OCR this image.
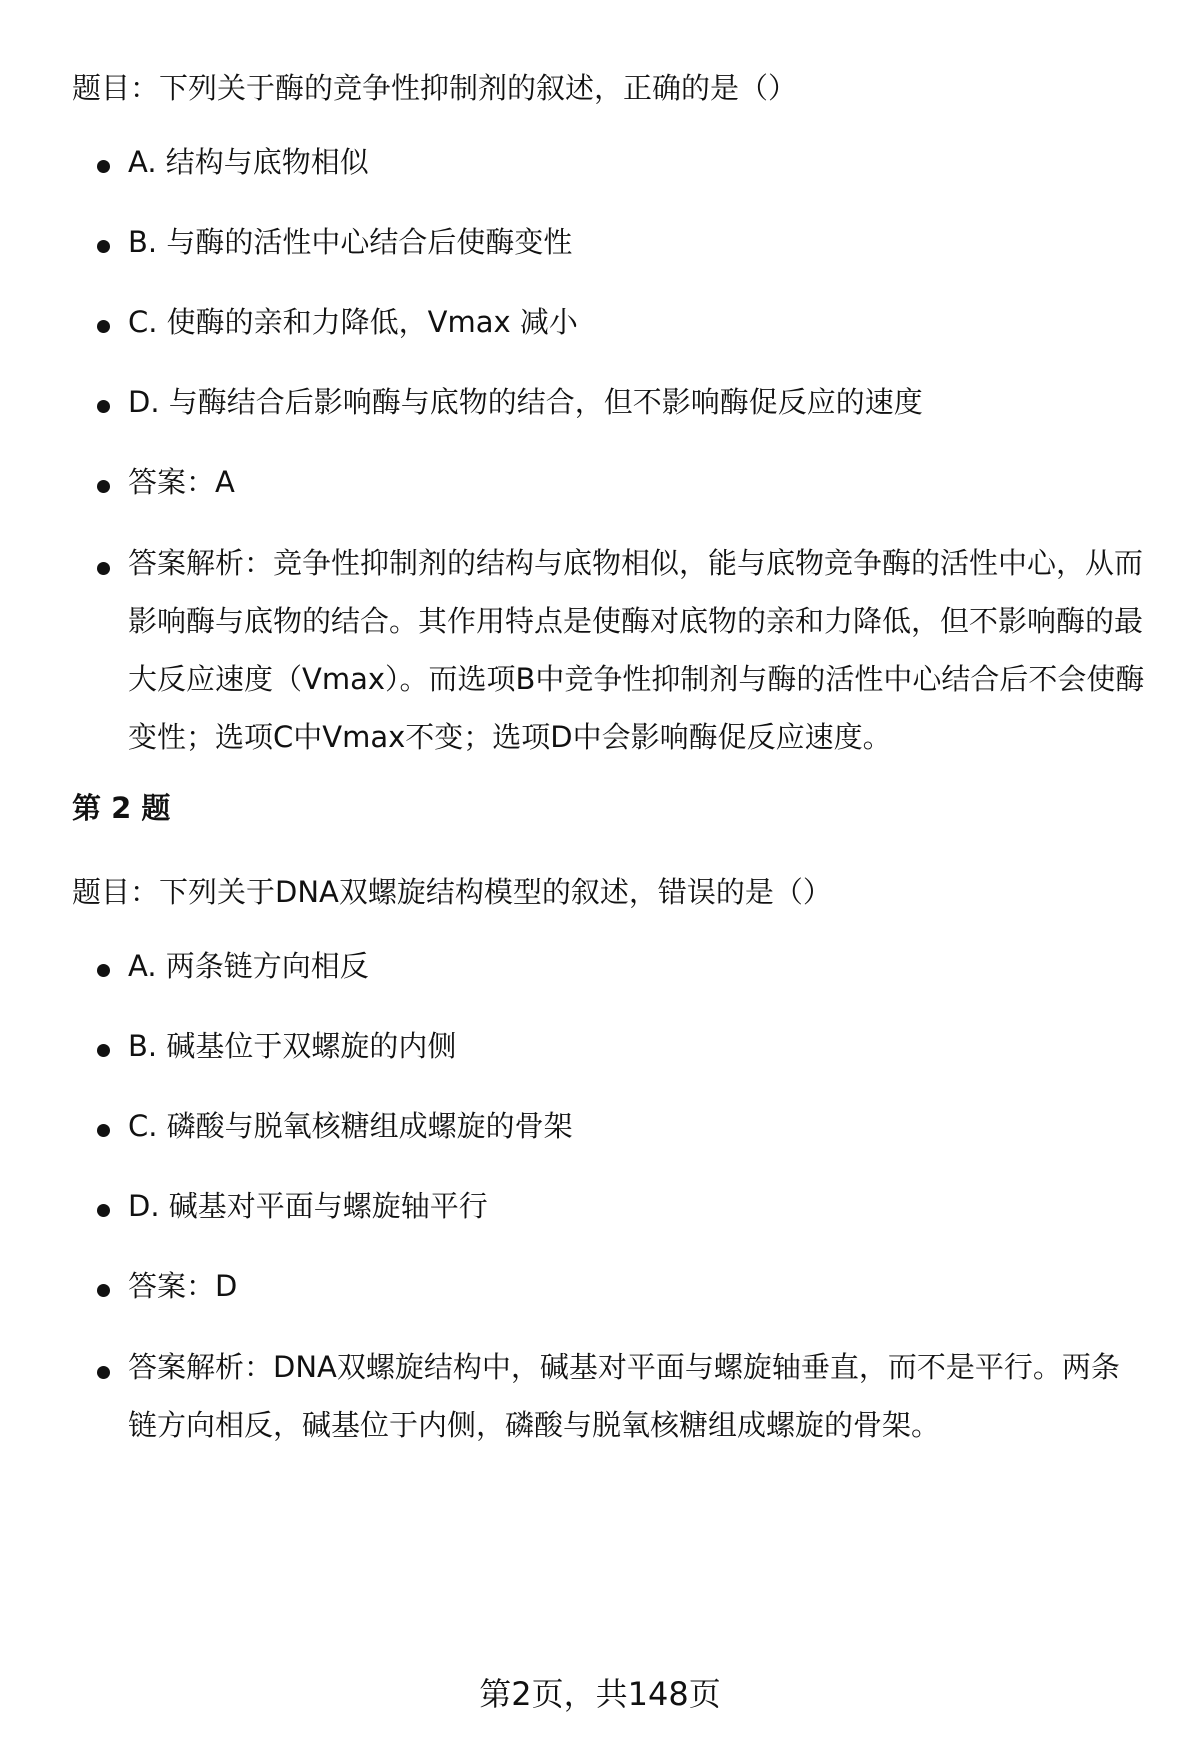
题目：下列关于酶的竞争性抑制剂的叙述，正确的是（）
A. 结构与底物相似
B. 与酶的活性中心结合后使酶变性
C. 使酶的亲和力降低，Vmax 减小
D. 与酶结合后影响酶与底物的结合，但不影响酶促反应的速度
答案：A
答案解析：竞争性抑制剂的结构与底物相似，能与底物竞争酶的活性中心，从而影响酶与底物的结合。其作用特点是使酶对底物的亲和力降低，但不影响酶的最大反应速度（Vmax）。而选项B中竞争性抑制剂与酶的活性中心结合后不会使酶变性；选项C中Vmax不变；选项D中会影响酶促反应速度。
第 2 题
题目：下列关于DNA双螺旋结构模型的叙述，错误的是（）
A. 两条链方向相反
B. 碱基位于双螺旋的内侧
C. 磷酸与脱氧核糖组成螺旋的骨架
D. 碱基对平面与螺旋轴平行
答案：D
答案解析：DNA双螺旋结构中，碱基对平面与螺旋轴垂直，而不是平行。两条链方向相反，碱基位于内侧，磷酸与脱氧核糖组成螺旋的骨架。
第2页，共148页
